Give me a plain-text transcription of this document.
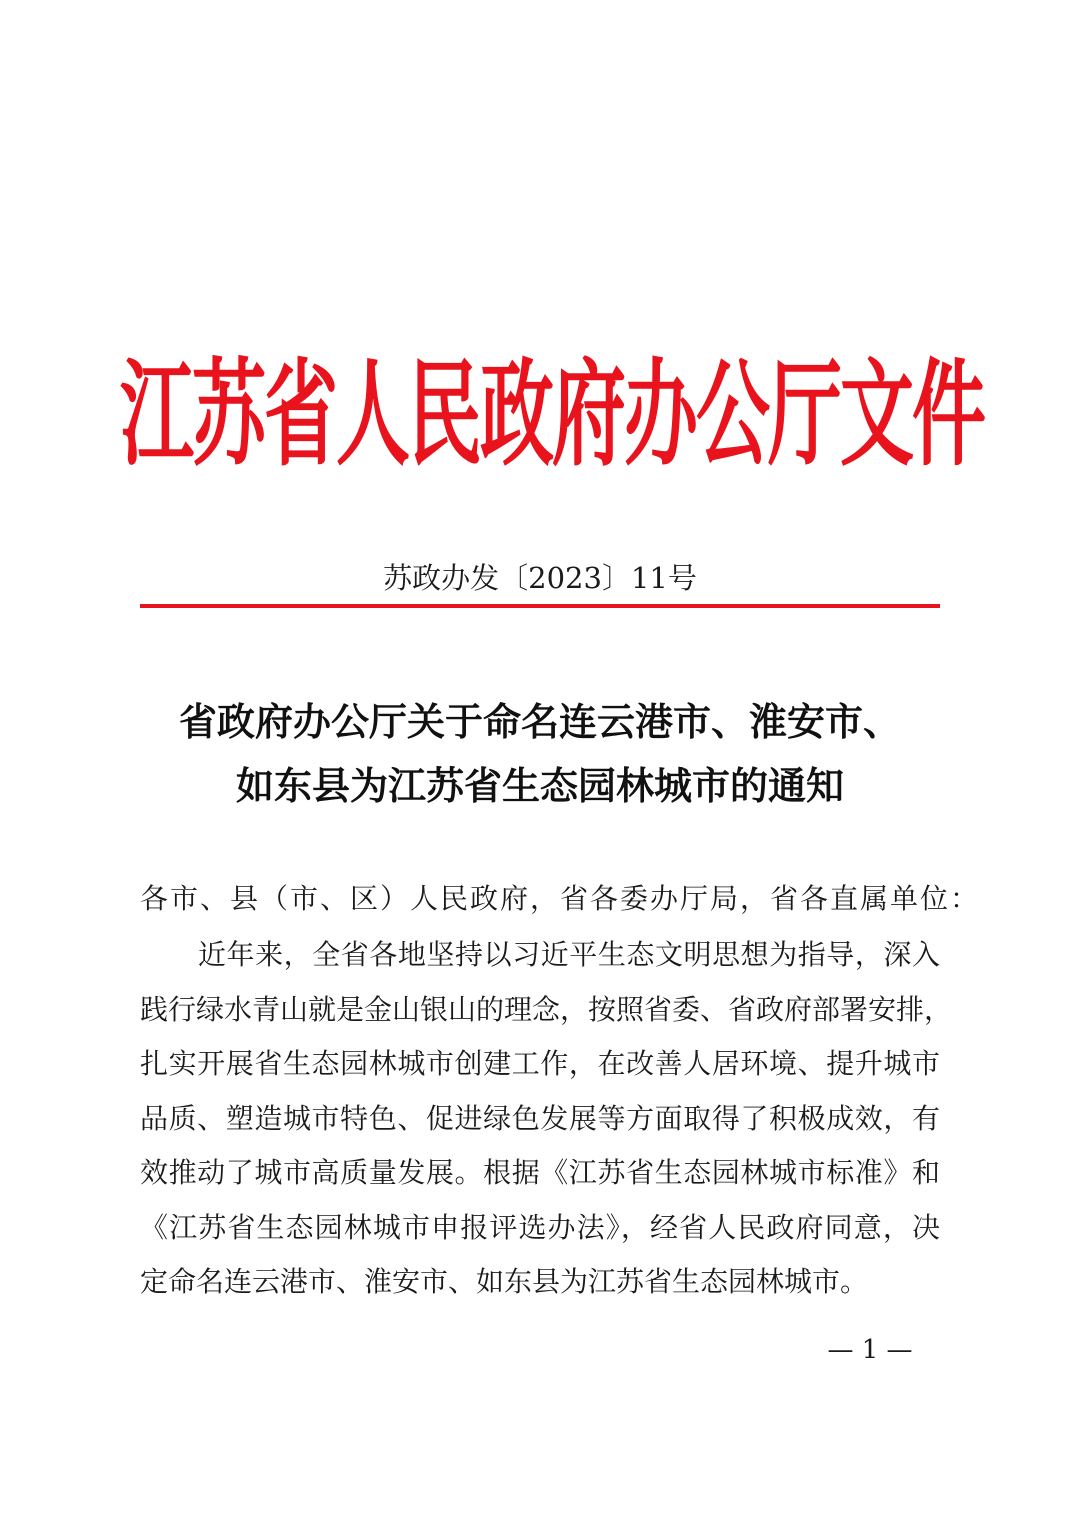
江苏省人民政府办公厅文件
苏政办发〔2023〕11号
省政府办公厅关于命名连云港市、淮安市、
如东县为江苏省生态园林城市的通知
各市、县（市、区）人民政府，省各委办厅局，省各直属单位：
近年来，全省各地坚持以习近平生态文明思想为指导，深入
践行绿水青山就是金山银山的理念，按照省委、省政府部署安排，
扎实开展省生态园林城市创建工作，在改善人居环境、提升城市
品质、塑造城市特色、促进绿色发展等方面取得了积极成效，有
效推动了城市高质量发展。根据《江苏省生态园林城市标准》和
《江苏省生态园林城市申报评选办法》，经省人民政府同意，决
定命名连云港市、淮安市、如东县为江苏省生态园林城市。
— 1 —
